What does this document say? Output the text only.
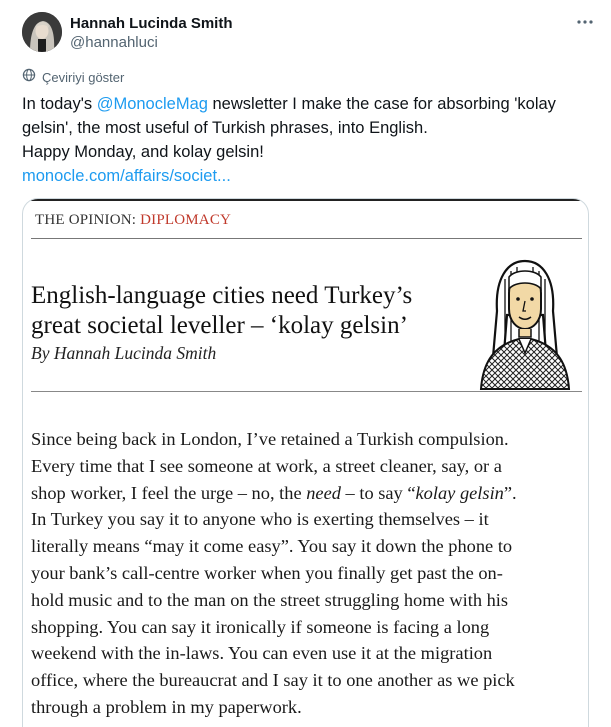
Hannah Lucinda Smith
@hannahluci
Çeviriyi göster
In today's @MonocleMag newsletter I make the case for absorbing 'kolay
gelsin', the most useful of Turkish phrases, into English.
Happy Monday, and kolay gelsin!
monocle.com/affairs/societ...
THE OPINION: DIPLOMACY
English-language cities need Turkey’s
great societal leveller – ‘kolay gelsin’
By Hannah Lucinda Smith
Since being back in London, I’ve retained a Turkish compulsion.
Every time that I see someone at work, a street cleaner, say, or a
shop worker, I feel the urge – no, the need – to say “kolay gelsin”.
In Turkey you say it to anyone who is exerting themselves – it
literally means “may it come easy”. You say it down the phone to
your bank’s call-centre worker when you finally get past the on-
hold music and to the man on the street struggling home with his
shopping. You can say it ironically if someone is facing a long
weekend with the in-laws. You can even use it at the migration
office, where the bureaucrat and I say it to one another as we pick
through a problem in my paperwork.
